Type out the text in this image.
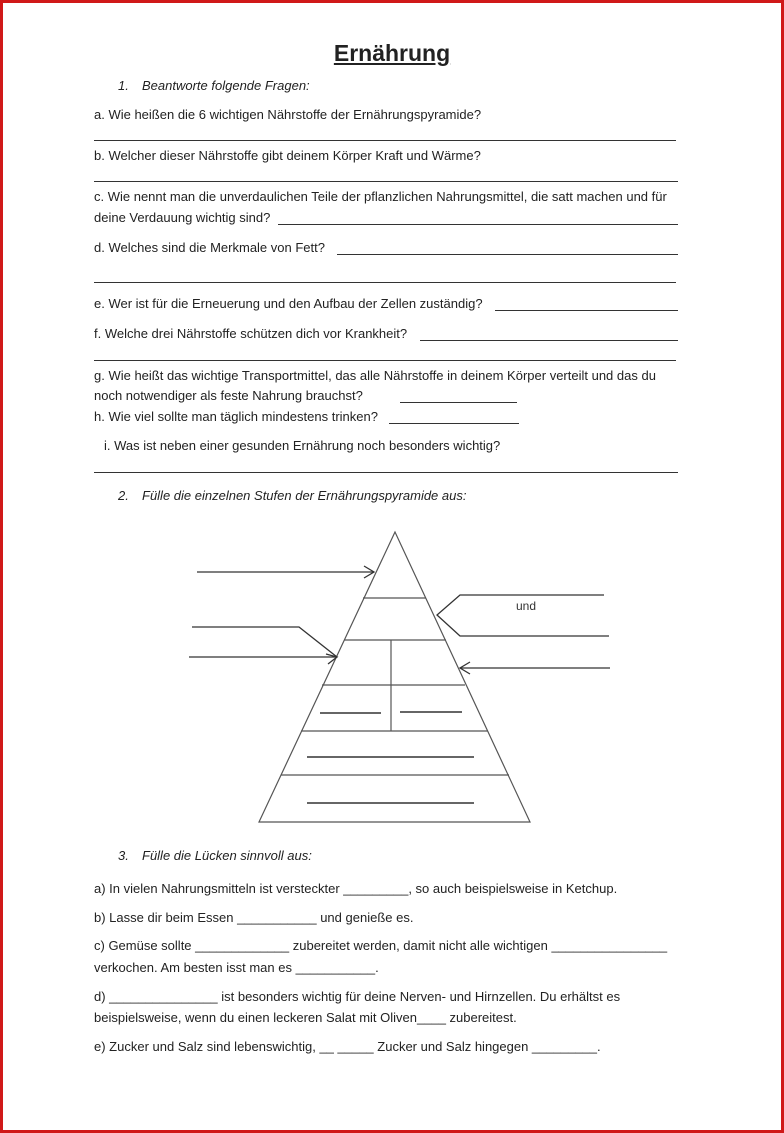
Ernährung
1. Beantworte folgende Fragen:
a. Wie heißen die 6 wichtigen Nährstoffe der Ernährungspyramide?
b. Welcher dieser Nährstoffe gibt deinem Körper Kraft und Wärme?
c. Wie nennt man die unverdaulichen Teile der pflanzlichen Nahrungsmittel, die satt machen und für
deine Verdauung wichtig sind?
d. Welches sind die Merkmale von Fett?
e. Wer ist für die Erneuerung und den Aufbau der Zellen zuständig?
f. Welche drei Nährstoffe schützen dich vor Krankheit?
g. Wie heißt das wichtige Transportmittel, das alle Nährstoffe in deinem Körper verteilt und das du
noch notwendiger als feste Nahrung brauchst?
h. Wie viel sollte man täglich mindestens trinken?
i. Was ist neben einer gesunden Ernährung noch besonders wichtig?
2. Fülle die einzelnen Stufen der Ernährungspyramide aus:
und
3. Fülle die Lücken sinnvoll aus:
a) In vielen Nahrungsmitteln ist versteckter _________, so auch beispielsweise in Ketchup.
b) Lasse dir beim Essen ___________ und genieße es.
c) Gemüse sollte _____________ zubereitet werden, damit nicht alle wichtigen ________________
verkochen. Am besten isst man es ___________.
d) _______________ ist besonders wichtig für deine Nerven- und Hirnzellen. Du erhältst es
beispielsweise, wenn du einen leckeren Salat mit Oliven____ zubereitest.
e) Zucker und Salz sind lebenswichtig, __ _____ Zucker und Salz hingegen _________.
